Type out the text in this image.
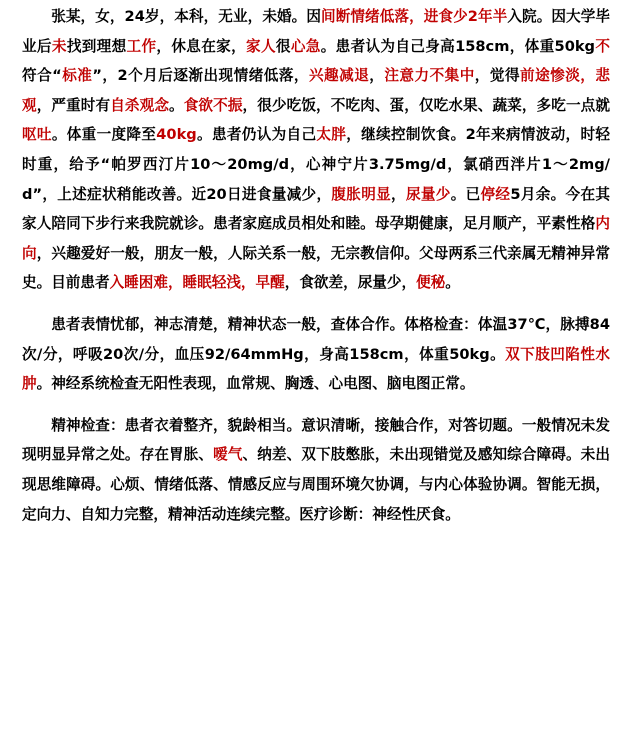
张某，女，24岁，本科，无业，未婚。因间断情绪低落，进食少2年半入院。因大学毕业后未找到理想工作，休息在家，家人很心急。患者认为自己身高158cm，体重50kg不符合“标准”，2个月后逐渐出现情绪低落，兴趣减退，注意力不集中，觉得前途惨淡，悲观，严重时有自杀观念。食欲不振，很少吃饭，不吃肉、蛋，仅吃水果、蔬菜，多吃一点就呕吐。体重一度降至40kg。患者仍认为自己太胖，继续控制饮食。2年来病情波动，时轻时重，给予“帕罗西汀片10～20mg/d，心神宁片3.75mg/d，氯硝西泮片1～2mg/d”，上述症状稍能改善。近20日进食量减少，腹胀明显，尿量少。已停经5月余。今在其家人陪同下步行来我院就诊。患者家庭成员相处和睦。母孕期健康，足月顺产，平素性格内向，兴趣爱好一般，朋友一般，人际关系一般，无宗教信仰。父母两系三代亲属无精神异常史。目前患者入睡困难，睡眠轻浅，早醒，食欲差，尿量少，便秘。

患者表情忧郁，神志清楚，精神状态一般，查体合作。体格检查：体温37℃，脉搏84次/分，呼吸20次/分，血压92/64mmHg，身高158cm，体重50kg。双下肢凹陷性水肿。神经系统检查无阳性表现，血常规、胸透、心电图、脑电图正常。

精神检查：患者衣着整齐，貌龄相当。意识清晰，接触合作，对答切题。一般情况未发现明显异常之处。存在胃胀、嗳气、纳差、双下肢憋胀，未出现错觉及感知综合障碍。未出现思维障碍。心烦、情绪低落、情感反应与周围环境欠协调，与内心体验协调。智能无损，定向力、自知力完整，精神活动连续完整。医疗诊断：神经性厌食。
